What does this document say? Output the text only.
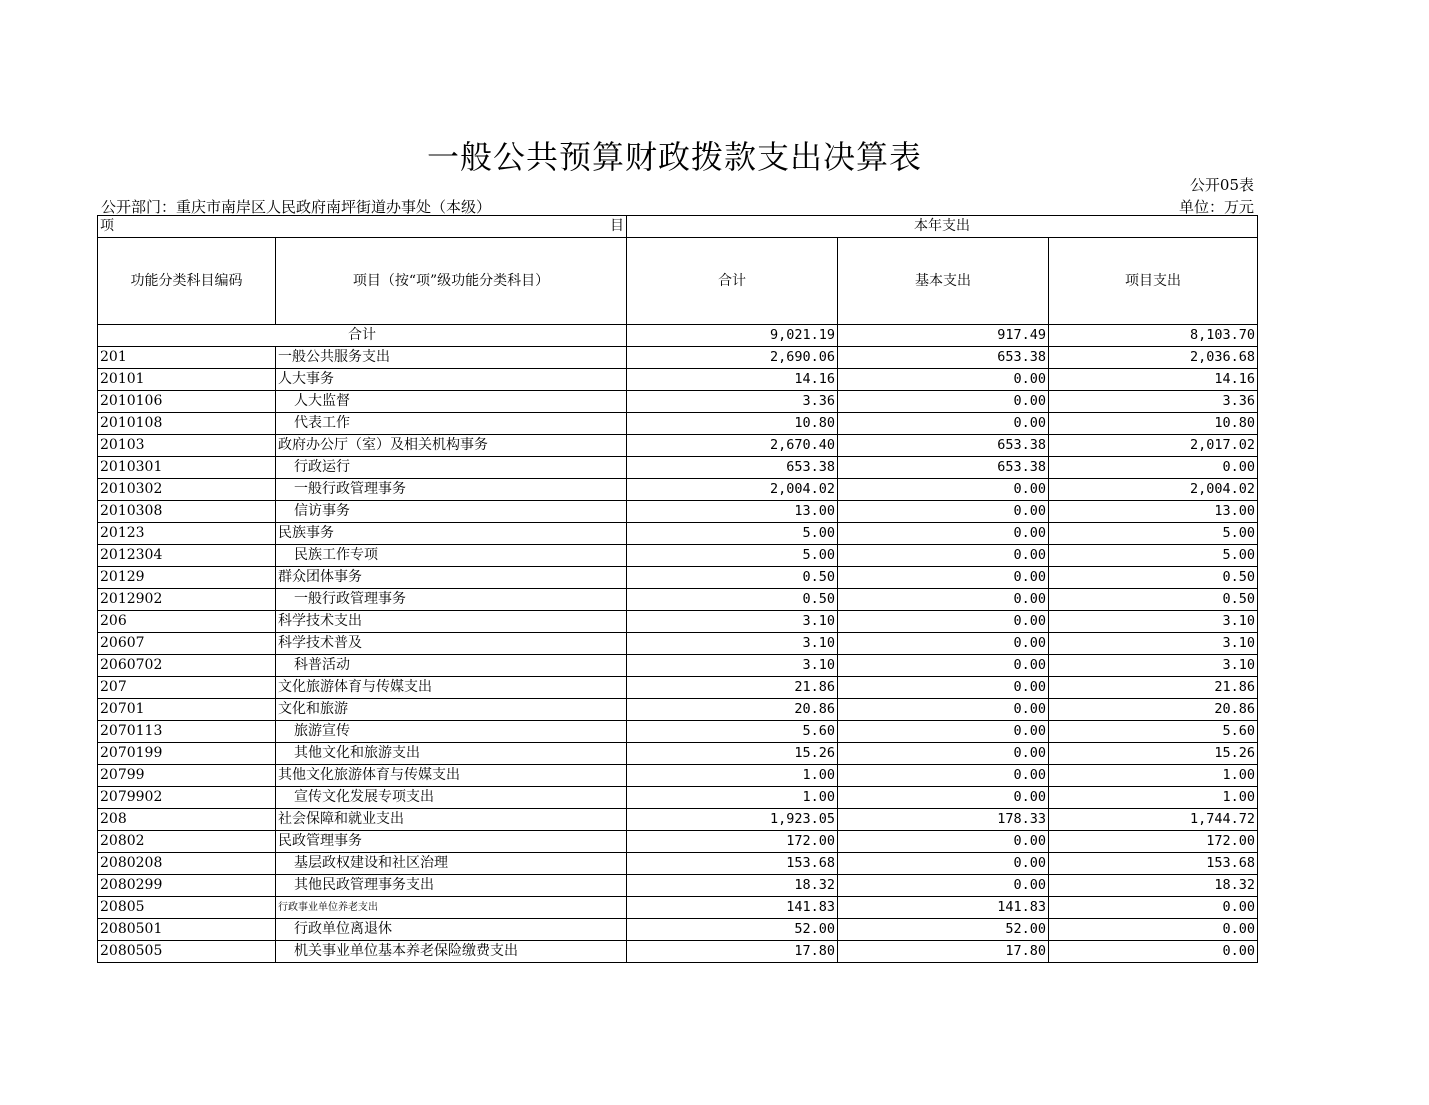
一般公共预算财政拨款支出决算表
公开05表
公开部门：重庆市南岸区人民政府南坪街道办事处（本级）	单位：万元
项 目		本年支出		
功能分类科目编码	项目（按“项”级功能分类科目）	合计	基本支出	项目支出
合计		9,021.19	917.49	8,103.70
201	一般公共服务支出	2,690.06	653.38	2,036.68
20101	人大事务	14.16	0.00	14.16
2010106	人大监督	3.36	0.00	3.36
2010108	代表工作	10.80	0.00	10.80
20103	政府办公厅（室）及相关机构事务	2,670.40	653.38	2,017.02
2010301	行政运行	653.38	653.38	0.00
2010302	一般行政管理事务	2,004.02	0.00	2,004.02
2010308	信访事务	13.00	0.00	13.00
20123	民族事务	5.00	0.00	5.00
2012304	民族工作专项	5.00	0.00	5.00
20129	群众团体事务	0.50	0.00	0.50
2012902	一般行政管理事务	0.50	0.00	0.50
206	科学技术支出	3.10	0.00	3.10
20607	科学技术普及	3.10	0.00	3.10
2060702	科普活动	3.10	0.00	3.10
207	文化旅游体育与传媒支出	21.86	0.00	21.86
20701	文化和旅游	20.86	0.00	20.86
2070113	旅游宣传	5.60	0.00	5.60
2070199	其他文化和旅游支出	15.26	0.00	15.26
20799	其他文化旅游体育与传媒支出	1.00	0.00	1.00
2079902	宣传文化发展专项支出	1.00	0.00	1.00
208	社会保障和就业支出	1,923.05	178.33	1,744.72
20802	民政管理事务	172.00	0.00	172.00
2080208	基层政权建设和社区治理	153.68	0.00	153.68
2080299	其他民政管理事务支出	18.32	0.00	18.32
20805	行政事业单位养老支出	141.83	141.83	0.00
2080501	行政单位离退休	52.00	52.00	0.00
2080505	机关事业单位基本养老保险缴费支出	17.80	17.80	0.00
